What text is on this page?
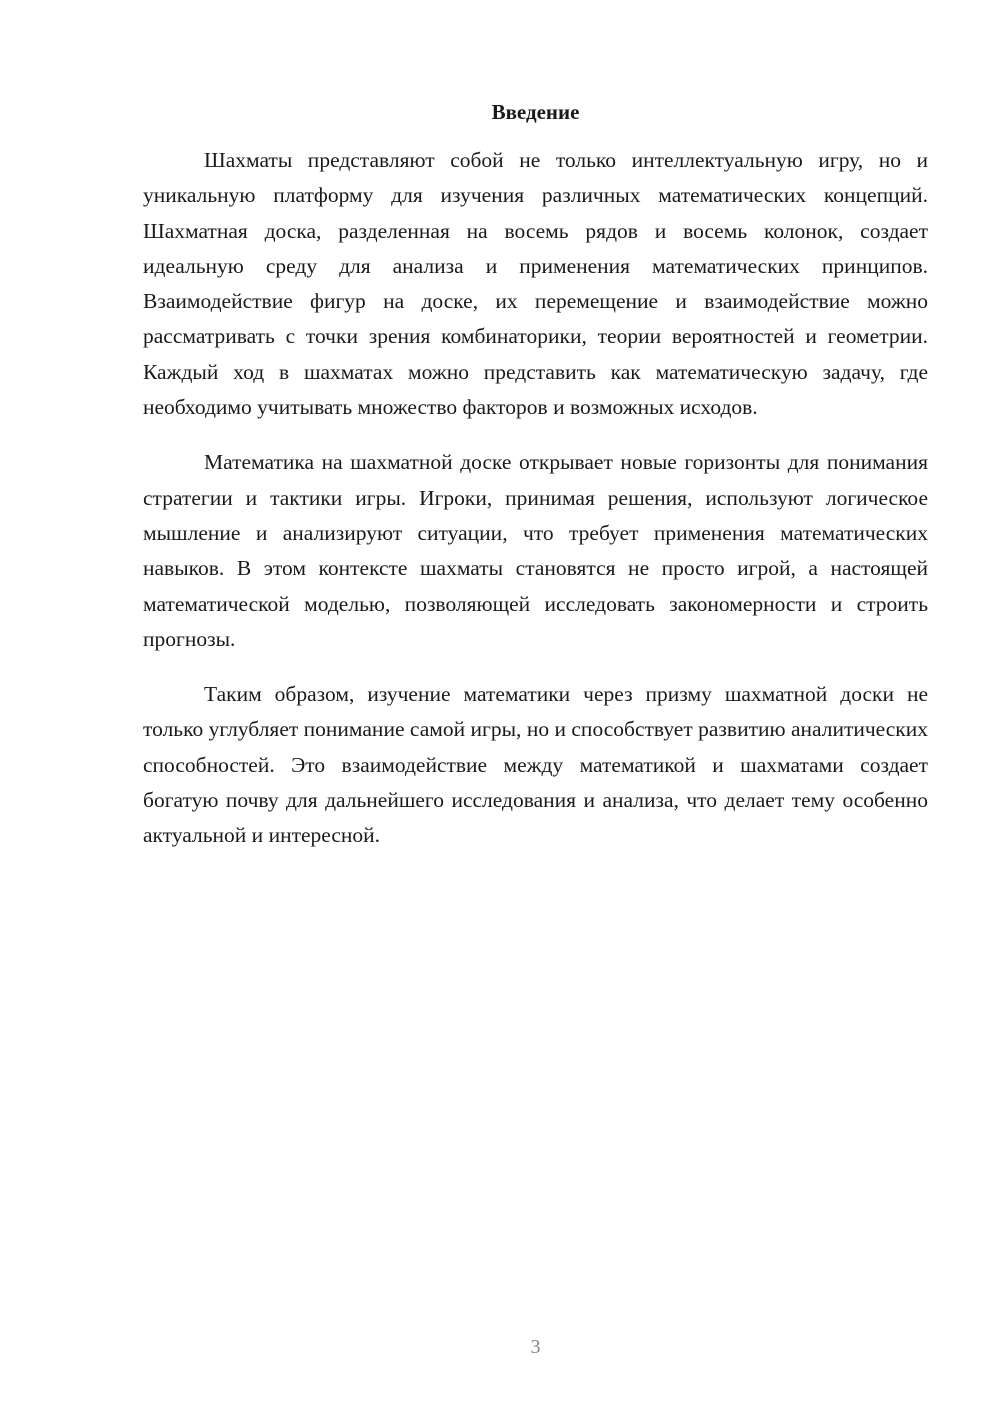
Введение

Шахматы представляют собой не только интеллектуальную игру, но и уникальную платформу для изучения различных математических концепций. Шахматная доска, разделенная на восемь рядов и восемь колонок, создает идеальную среду для анализа и применения математических принципов. Взаимодействие фигур на доске, их перемещение и взаимодействие можно рассматривать с точки зрения комбинаторики, теории вероятностей и геометрии. Каждый ход в шахматах можно представить как математическую задачу, где необходимо учитывать множество факторов и возможных исходов.

Математика на шахматной доске открывает новые горизонты для понимания стратегии и тактики игры. Игроки, принимая решения, используют логическое мышление и анализируют ситуации, что требует применения математических навыков. В этом контексте шахматы становятся не просто игрой, а настоящей математической моделью, позволяющей исследовать закономерности и строить прогнозы.

Таким образом, изучение математики через призму шахматной доски не только углубляет понимание самой игры, но и способствует развитию аналитических способностей. Это взаимодействие между математикой и шахматами создает богатую почву для дальнейшего исследования и анализа, что делает тему особенно актуальной и интересной.

3
